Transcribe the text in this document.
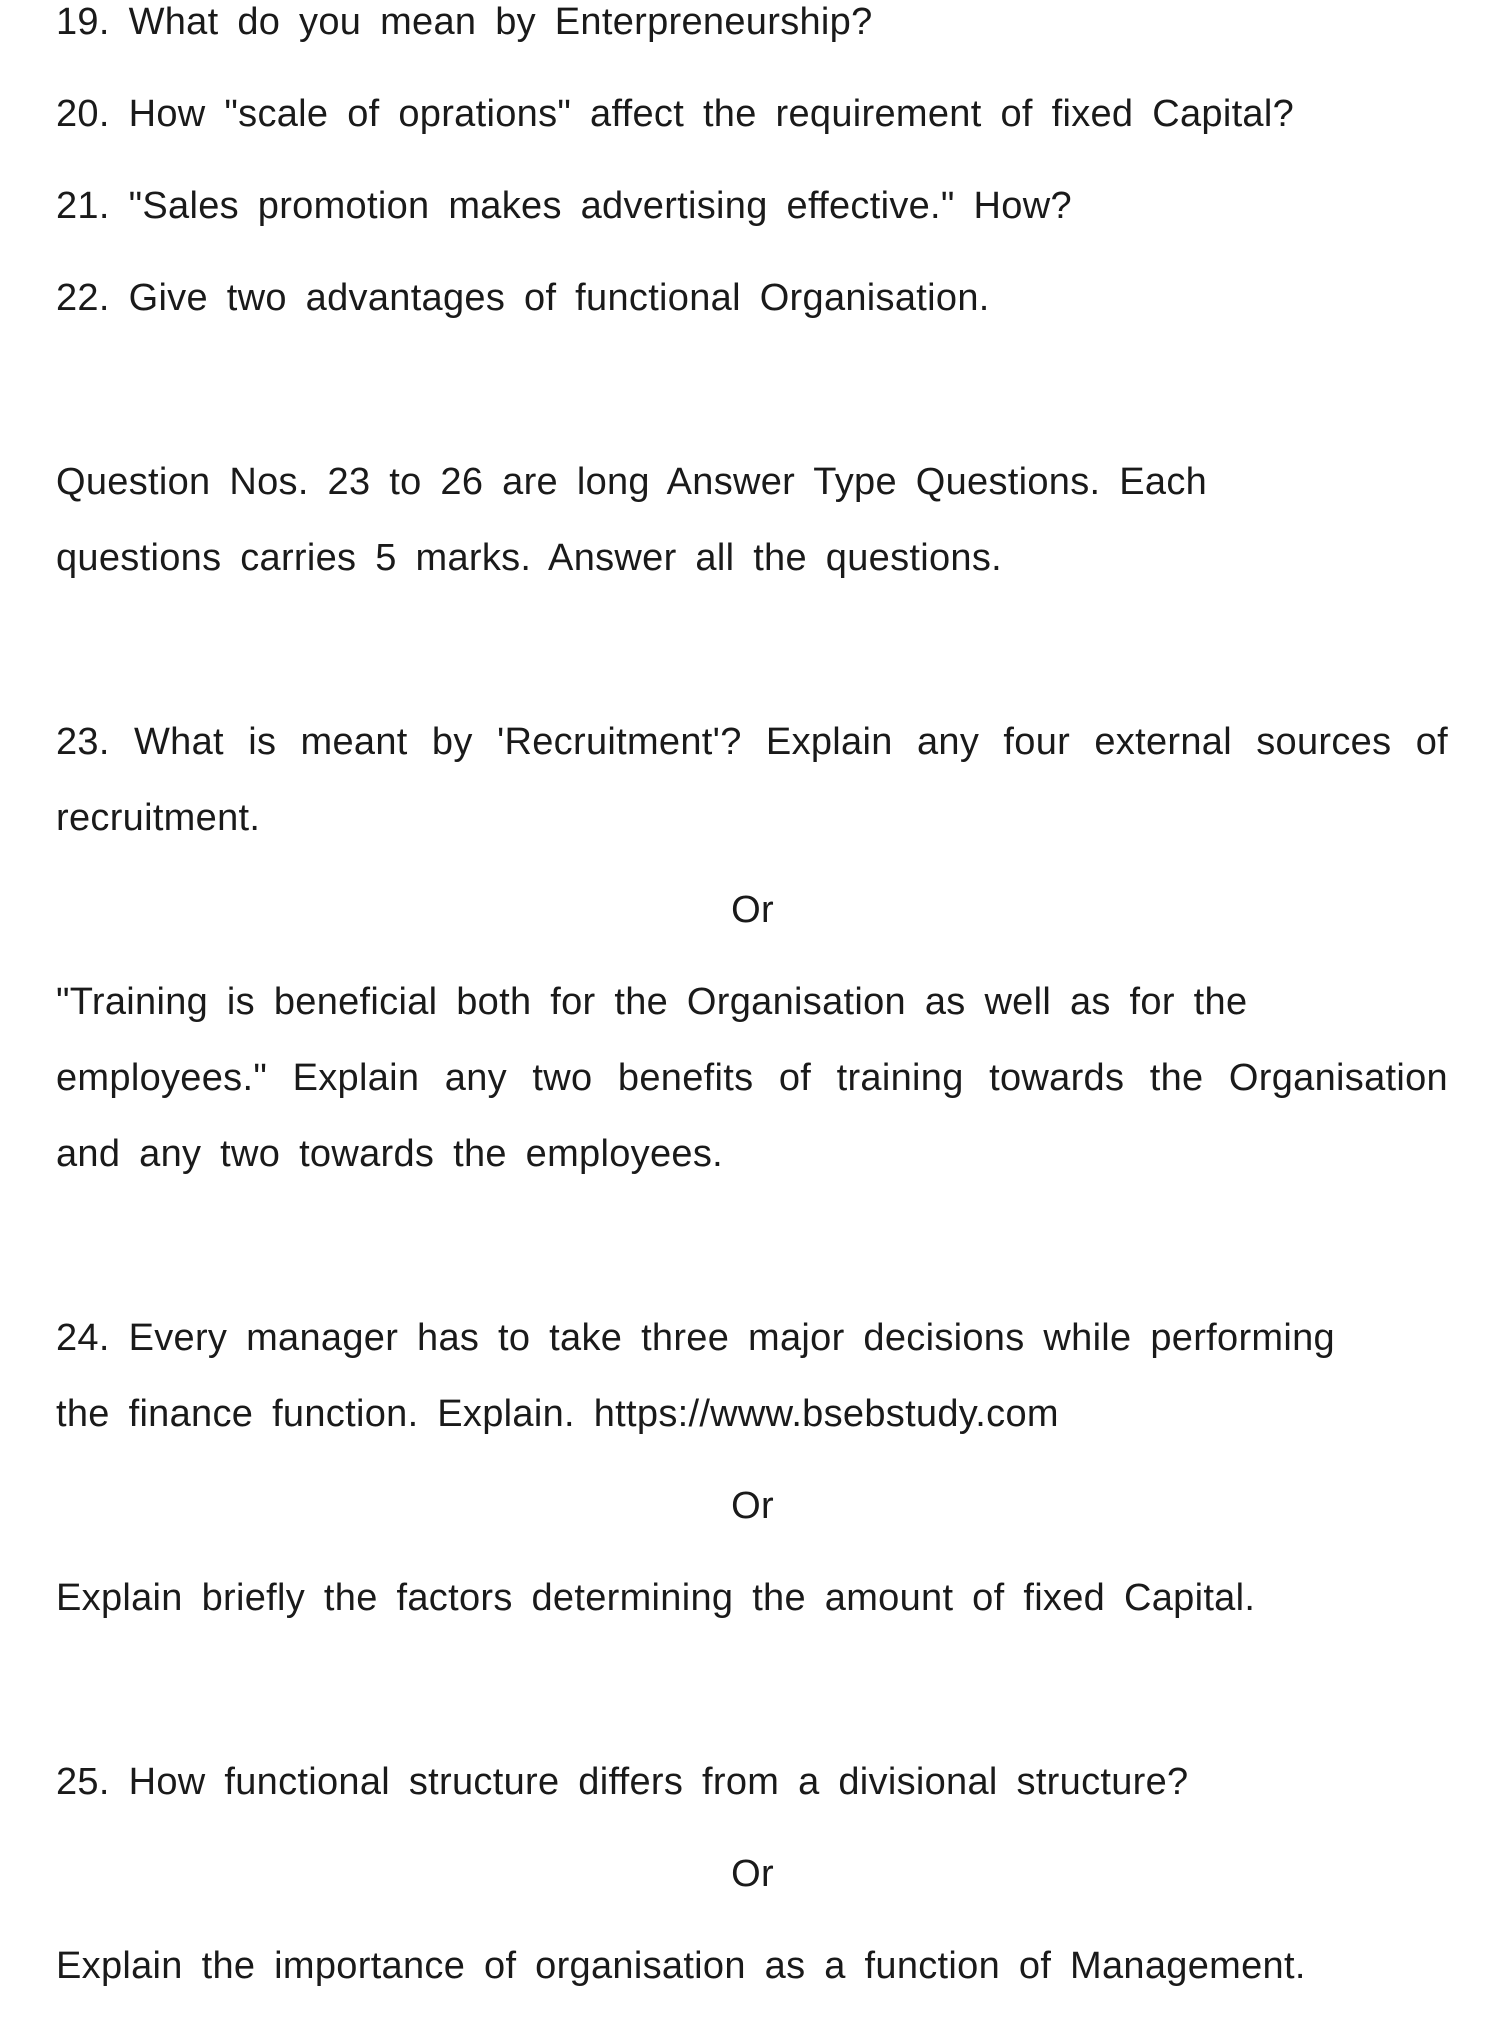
19. What do you mean by Enterpreneurship?

20. How "scale of oprations" affect the requirement of fixed Capital?

21. "Sales promotion makes advertising effective." How?

22. Give two advantages of functional Organisation.

Question Nos. 23 to 26 are long Answer Type Questions. Each

questions carries 5 marks. Answer all the questions.

23. What is meant by 'Recruitment'? Explain any four external sources of

recruitment.

Or

"Training is beneficial both for the Organisation as well as for the

employees." Explain any two benefits of training towards the Organisation

and any two towards the employees.

24. Every manager has to take three major decisions while performing

the finance function. Explain. https://www.bsebstudy.com

Or

Explain briefly the factors determining the amount of fixed Capital.

25. How functional structure differs from a divisional structure?

Or

Explain the importance of organisation as a function of Management.
